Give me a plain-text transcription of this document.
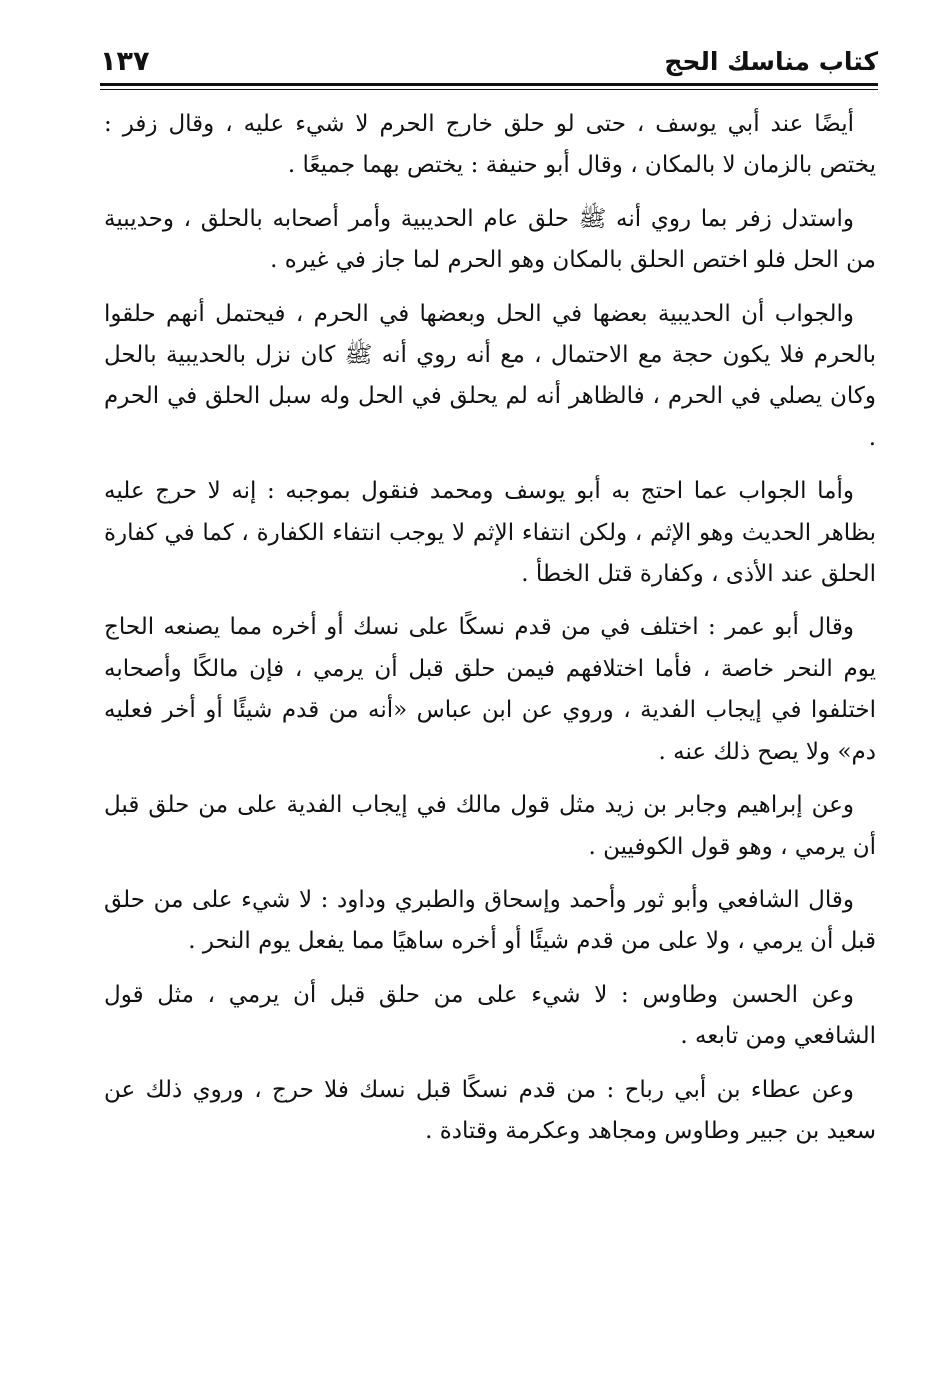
كتاب مناسك الحج
١٣٧

أيضًا عند أبي يوسف ، حتى لو حلق خارج الحرم لا شيء عليه ، وقال زفر : يختص بالزمان لا بالمكان ، وقال أبو حنيفة : يختص بهما جميعًا .

واستدل زفر بما روي أنه ﷺ حلق عام الحديبية وأمر أصحابه بالحلق ، وحديبية من الحل فلو اختص الحلق بالمكان وهو الحرم لما جاز في غيره .

والجواب أن الحديبية بعضها في الحل وبعضها في الحرم ، فيحتمل أنهم حلقوا بالحرم فلا يكون حجة مع الاحتمال ، مع أنه روي أنه ﷺ كان نزل بالحديبية بالحل وكان يصلي في الحرم ، فالظاهر أنه لم يحلق في الحل وله سبل الحلق في الحرم .

وأما الجواب عما احتج به أبو يوسف ومحمد فنقول بموجبه : إنه لا حرج عليه بظاهر الحديث وهو الإثم ، ولكن انتفاء الإثم لا يوجب انتفاء الكفارة ، كما في كفارة الحلق عند الأذى ، وكفارة قتل الخطأ .

وقال أبو عمر : اختلف في من قدم نسكًا على نسك أو أخره مما يصنعه الحاج يوم النحر خاصة ، فأما اختلافهم فيمن حلق قبل أن يرمي ، فإن مالكًا وأصحابه اختلفوا في إيجاب الفدية ، وروي عن ابن عباس «أنه من قدم شيئًا أو أخر فعليه دم» ولا يصح ذلك عنه .

وعن إبراهيم وجابر بن زيد مثل قول مالك في إيجاب الفدية على من حلق قبل أن يرمي ، وهو قول الكوفيين .

وقال الشافعي وأبو ثور وأحمد وإسحاق والطبري وداود : لا شيء على من حلق قبل أن يرمي ، ولا على من قدم شيئًا أو أخره ساهيًا مما يفعل يوم النحر .

وعن الحسن وطاوس : لا شيء على من حلق قبل أن يرمي ، مثل قول الشافعي ومن تابعه .

وعن عطاء بن أبي رباح : من قدم نسكًا قبل نسك فلا حرج ، وروي ذلك عن سعيد بن جبير وطاوس ومجاهد وعكرمة وقتادة .
